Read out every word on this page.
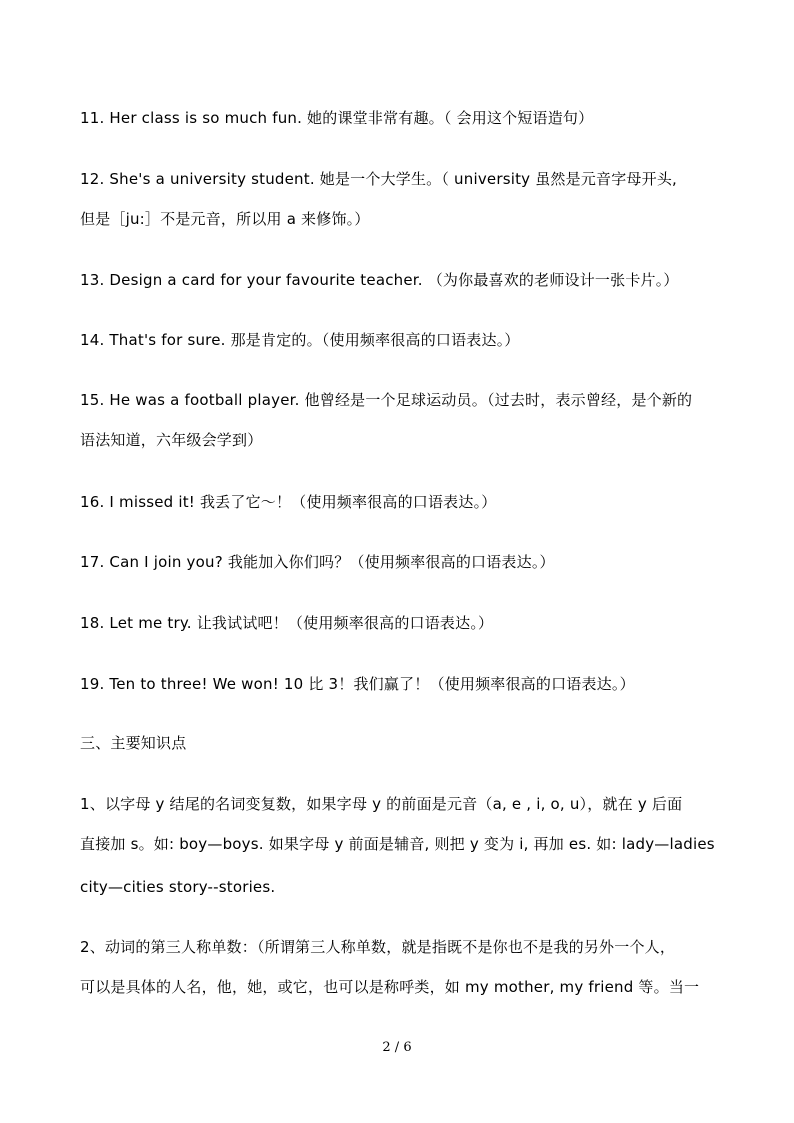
11. Her class is so much fun. 她的课堂非常有趣。（ 会用这个短语造句）
12. She's a university student. 她是一个大学生。（ university 虽然是元音字母开头,
但是［ju:］不是元音，所以用 a 来修饰。）
13. Design a card for your favourite teacher. （为你最喜欢的老师设计一张卡片。）
14. That's for sure. 那是肯定的。（使用频率很高的口语表达。）
15. He was a football player. 他曾经是一个足球运动员。（过去时，表示曾经，是个新的
语法知道，六年级会学到）
16. I missed it! 我丢了它～！（使用频率很高的口语表达。）
17. Can I join you? 我能加入你们吗？（使用频率很高的口语表达。）
18. Let me try. 让我试试吧！（使用频率很高的口语表达。）
19. Ten to three! We won! 10 比 3！我们赢了！（使用频率很高的口语表达。）
三、主要知识点
1、以字母 y 结尾的名词变复数，如果字母 y 的前面是元音（a, e , i, o, u），就在 y 后面
直接加 s。如: boy—boys. 如果字母 y 前面是辅音, 则把 y 变为 i, 再加 es. 如: lady—ladies
city—cities story--stories.
2、动词的第三人称单数：（所谓第三人称单数，就是指既不是你也不是我的另外一个人，
可以是具体的人名，他，她，或它，也可以是称呼类，如 my mother, my friend 等。当一
2 / 6
